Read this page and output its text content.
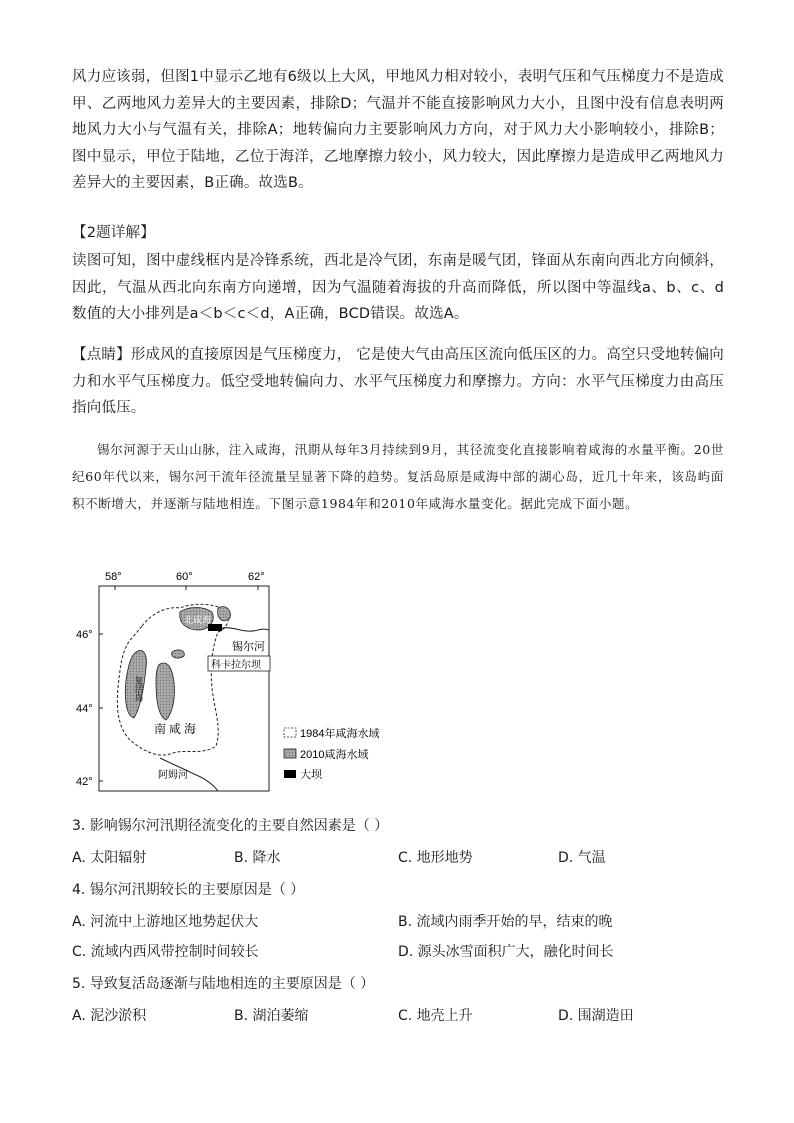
风力应该弱，但图1中显示乙地有6级以上大风，甲地风力相对较小，表明气压和气压梯度力不是造成甲、乙两地风力差异大的主要因素，排除D；气温并不能直接影响风力大小，且图中没有信息表明两地风力大小与气温有关，排除A；地转偏向力主要影响风力方向，对于风力大小影响较小，排除B；图中显示，甲位于陆地，乙位于海洋，乙地摩擦力较小，风力较大，因此摩擦力是造成甲乙两地风力差异大的主要因素，B正确。故选B。
【2题详解】
读图可知，图中虚线框内是冷锋系统，西北是冷气团，东南是暖气团，锋面从东南向西北方向倾斜，因此，气温从西北向东南方向递增，因为气温随着海拔的升高而降低，所以图中等温线a、b、c、d数值的大小排列是a＜b＜c＜d，A正确，BCD错误。故选A。
【点睛】形成风的直接原因是气压梯度力， 它是使大气由高压区流向低压区的力。高空只受地转偏向力和水平气压梯度力。低空受地转偏向力、水平气压梯度力和摩擦力。方向：水平气压梯度力由高压指向低压。
锡尔河源于天山山脉，注入咸海，汛期从每年3月持续到9月，其径流变化直接影响着咸海的水量平衡。20世纪60年代以来，锡尔河干流年径流量呈显著下降的趋势。复活岛原是咸海中部的湖心岛，近几十年来，该岛屿面积不断增大，并逐渐与陆地相连。下图示意1984年和2010年咸海水量变化。据此完成下面小题。
58°	60°	62°
46°
44°
42°
北咸海
锡尔河
科卡拉尔坝
复活岛
南咸海
阿姆河
1984年咸海水域
2010咸海水域
大坝
3. 影响锡尔河汛期径流变化的主要自然因素是（ ）
A. 太阳辐射	B. 降水	C. 地形地势	D. 气温
4. 锡尔河汛期较长的主要原因是（ ）
A. 河流中上游地区地势起伏大	B. 流域内雨季开始的早，结束的晚
C. 流域内西风带控制时间较长	D. 源头冰雪面积广大，融化时间长
5. 导致复活岛逐渐与陆地相连的主要原因是（ ）
A. 泥沙淤积	B. 湖泊萎缩	C. 地壳上升	D. 围湖造田
